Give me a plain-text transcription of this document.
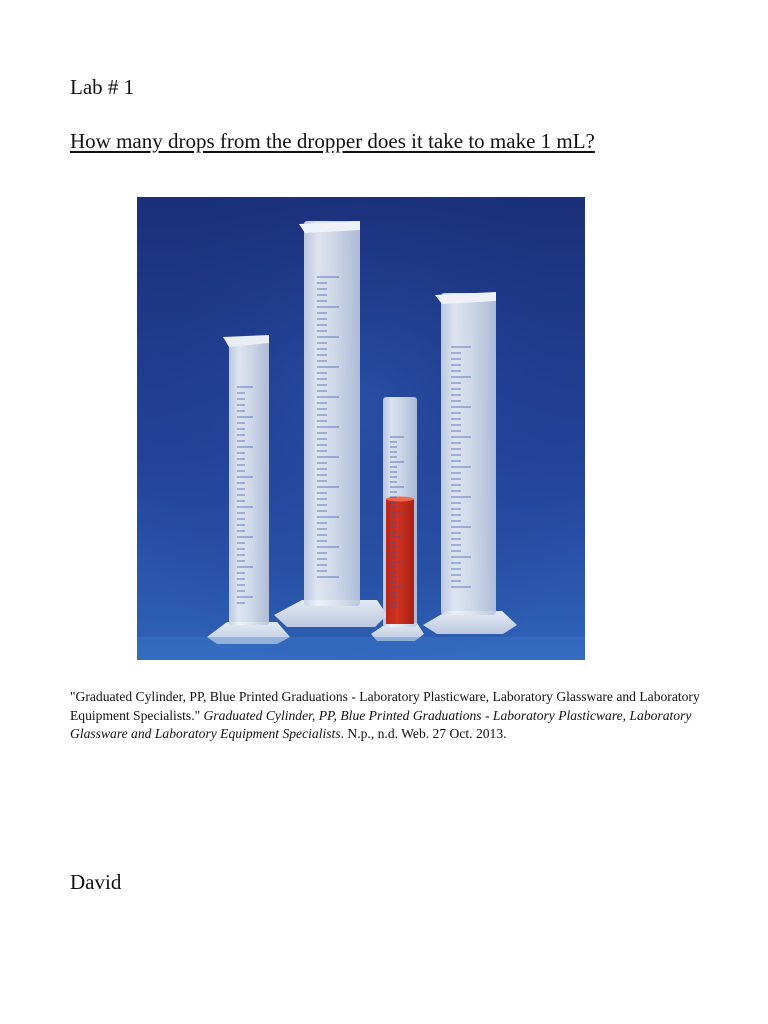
Lab # 1
How many drops from the dropper does it take to make 1 mL?
"Graduated Cylinder, PP, Blue Printed Graduations - Laboratory Plasticware, Laboratory Glassware and Laboratory Equipment Specialists." Graduated Cylinder, PP, Blue Printed Graduations - Laboratory Plasticware, Laboratory Glassware and Laboratory Equipment Specialists. N.p., n.d. Web. 27 Oct. 2013.
David
